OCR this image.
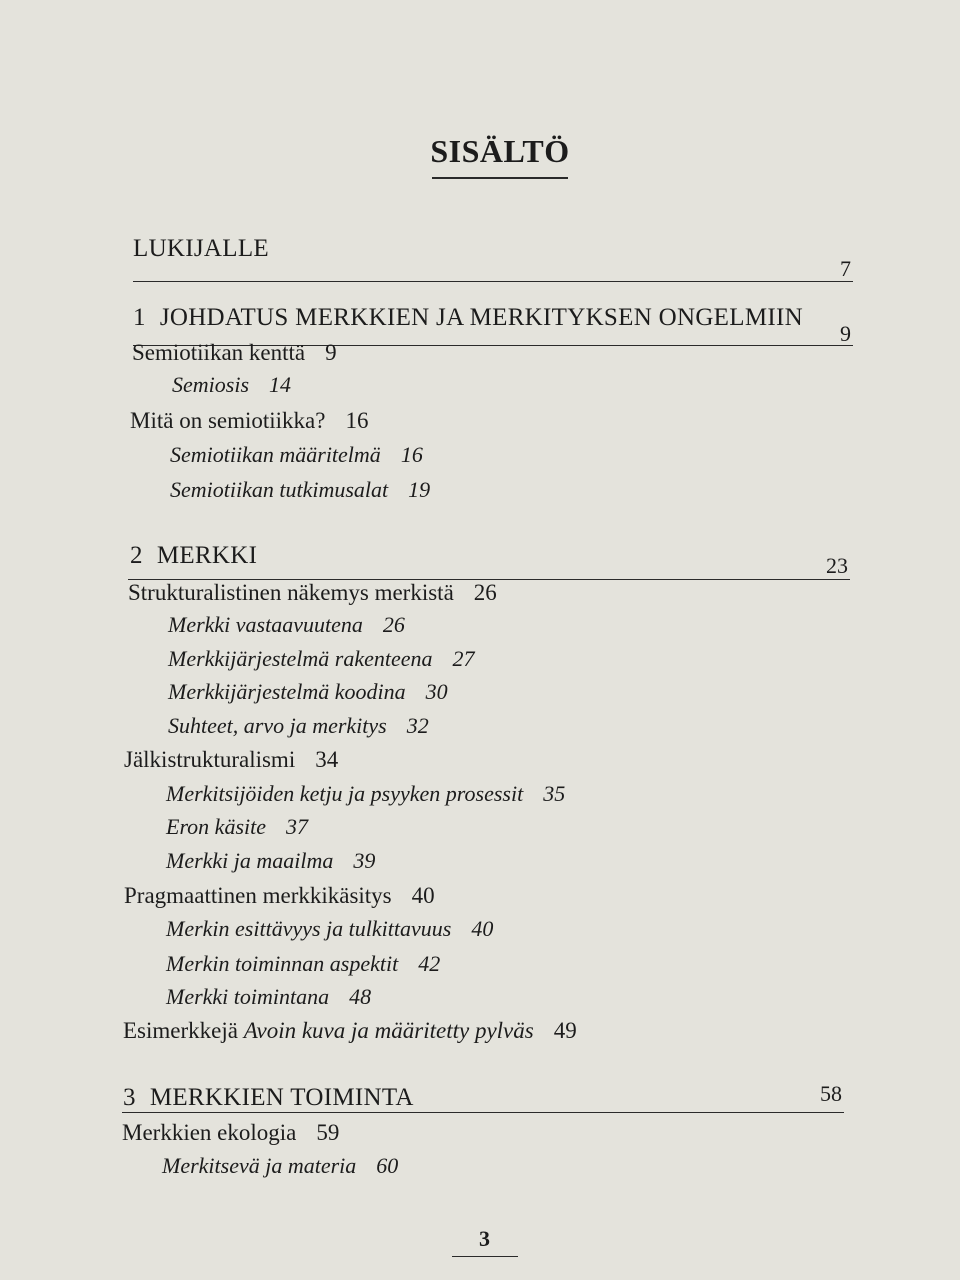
SISÄLTÖ
LUKIJALLE
7
1 JOHDATUS MERKKIEN JA MERKITYKSEN ONGELMIIN
9
Semiotiikan kenttä 9
Semiosis 14
Mitä on semiotiikka? 16
Semiotiikan määritelmä 16
Semiotiikan tutkimusalat 19
2 MERKKI	23
Strukturalistinen näkemys merkistä 26
Merkki vastaavuutena 26
Merkkijärjestelmä rakenteena 27
Merkkijärjestelmä koodina 30
Suhteet, arvo ja merkitys 32
Jälkistrukturalismi 34
Merkitsijöiden ketju ja psyyken prosessit 35
Eron käsite 37
Merkki ja maailma 39
Pragmaattinen merkkikäsitys 40
Merkin esittävyys ja tulkittavuus 40
Merkin toiminnan aspektit 42
Merkki toimintana 48
Esimerkkejä Avoin kuva ja määritetty pylväs 49
3 MERKKIEN TOIMINTA	58
Merkkien ekologia 59
Merkitsevä ja materia 60
3
